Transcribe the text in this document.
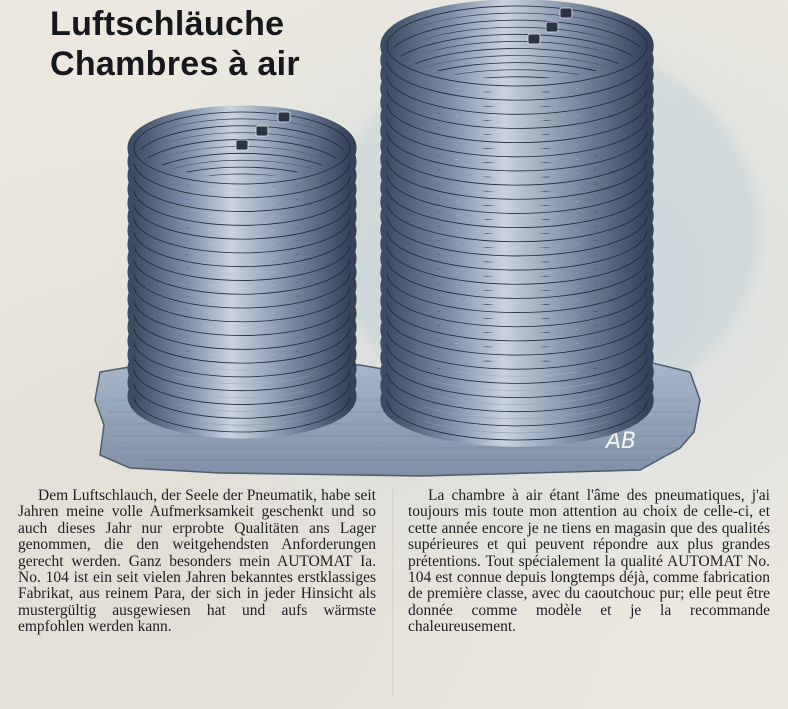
Luftschläuche
Chambres à air
AB

Dem Luftschlauch, der Seele der Pneumatik, habe seit Jahren meine volle Aufmerksamkeit geschenkt und so auch dieses Jahr nur erprobte Qualitäten ans Lager genommen, die den weitgehendsten Anforderungen gerecht werden. Ganz besonders mein AUTOMAT Ia. No. 104 ist ein seit vielen Jahren bekanntes erstklassiges Fabrikat, aus reinem Para, der sich in jeder Hinsicht als mustergültig ausgewiesen hat und aufs wärmste empfohlen werden kann.

La chambre à air étant l'âme des pneumatiques, j'ai toujours mis toute mon attention au choix de celle-ci, et cette année encore je ne tiens en magasin que des qualités supérieures et qui peuvent répondre aux plus grandes prétentions. Tout spécialement la qualité AUTOMAT No. 104 est connue depuis longtemps déjà, comme fabrication de première classe, avec du caoutchouc pur; elle peut être donnée comme modèle et je la recommande chaleureusement.
